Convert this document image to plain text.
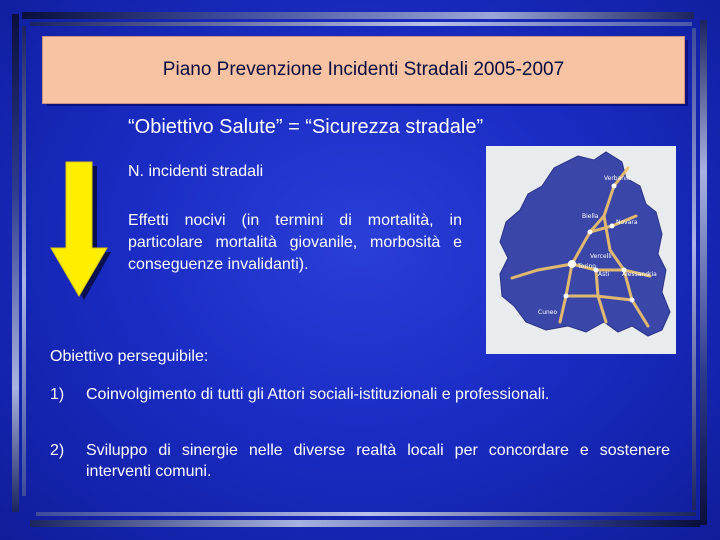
Piano Prevenzione Incidenti Stradali 2005-2007
“Obiettivo Salute” = “Sicurezza stradale”
N. incidenti stradali
Effetti nocivi (in termini di mortalità, in particolare mortalità giovanile, morbosità e conseguenze invalidanti).
Verbania
Biella
Novara
Vercelli
Torino
Asti Alessandria
Cuneo
Obiettivo perseguibile:
1)	Coinvolgimento di tutti gli Attori sociali-istituzionali e professionali.
2)	Sviluppo di sinergie nelle diverse realtà locali per concordare e sostenere interventi comuni.
